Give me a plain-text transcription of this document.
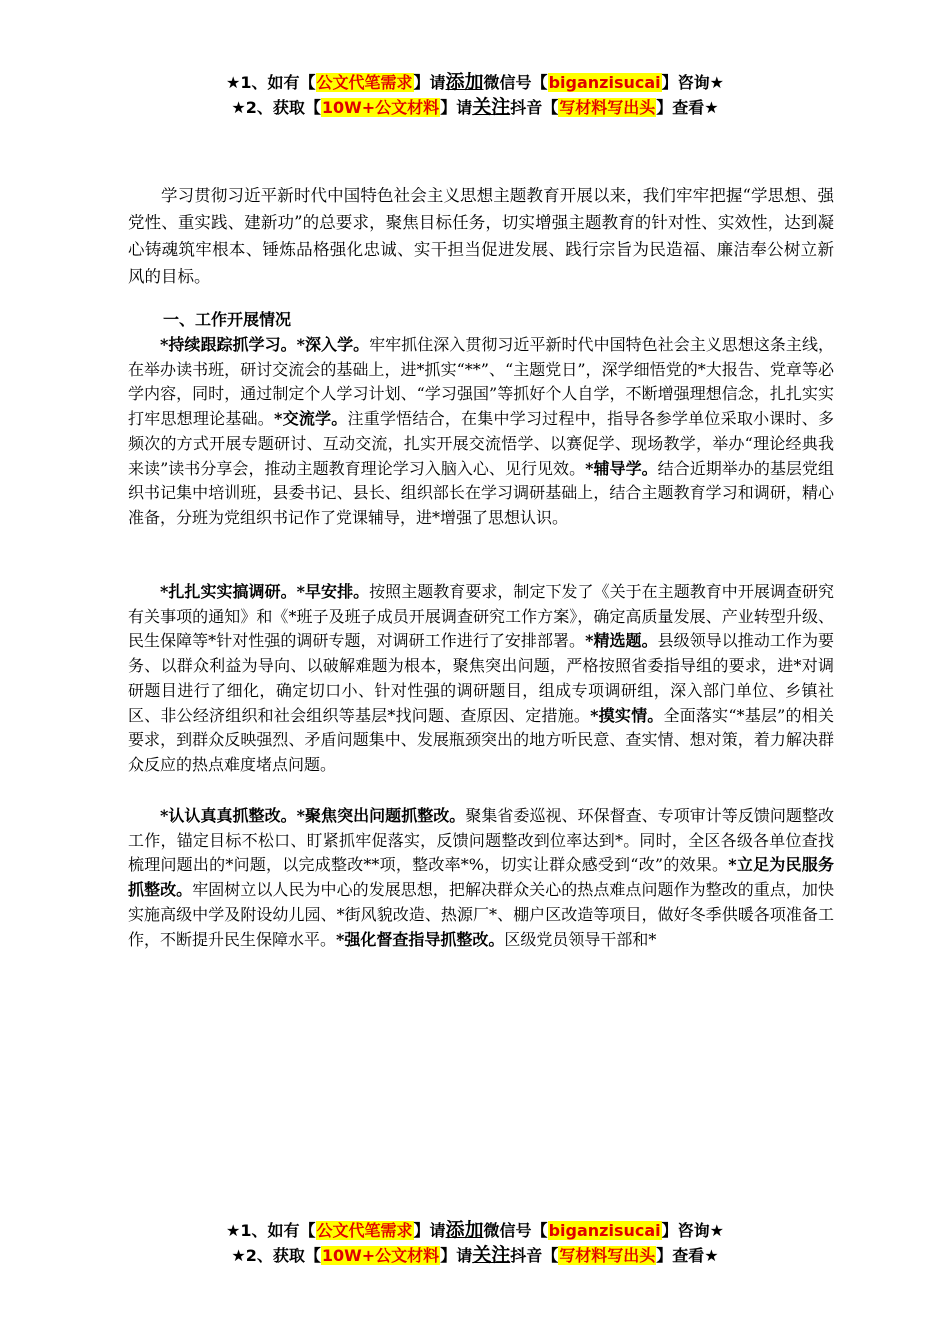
★1、如有【公文代笔需求】请添加微信号【biganzisucai】咨询★
★2、获取【10W+公文材料】请关注抖音【写材料写出头】查看★

学习贯彻习近平新时代中国特色社会主义思想主题教育开展以来，我们牢牢把握“学思想、强党性、重实践、建新功”的总要求，聚焦目标任务，切实增强主题教育的针对性、实效性，达到凝心铸魂筑牢根本、锤炼品格强化忠诚、实干担当促进发展、践行宗旨为民造福、廉洁奉公树立新风的目标。

一、工作开展情况

*持续跟踪抓学习。*深入学。牢牢抓住深入贯彻习近平新时代中国特色社会主义思想这条主线，在举办读书班，研讨交流会的基础上，进*抓实“**”、“主题党日”，深学细悟党的*大报告、党章等必学内容，同时，通过制定个人学习计划、“学习强国”等抓好个人自学，不断增强理想信念，扎扎实实打牢思想理论基础。*交流学。注重学悟结合，在集中学习过程中，指导各参学单位采取小课时、多频次的方式开展专题研讨、互动交流，扎实开展交流悟学、以赛促学、现场教学，举办“理论经典我来读”读书分享会，推动主题教育理论学习入脑入心、见行见效。*辅导学。结合近期举办的基层党组织书记集中培训班，县委书记、县长、组织部长在学习调研基础上，结合主题教育学习和调研，精心准备，分班为党组织书记作了党课辅导，进*增强了思想认识。

*扎扎实实搞调研。*早安排。按照主题教育要求，制定下发了《关于在主题教育中开展调查研究有关事项的通知》和《*班子及班子成员开展调查研究工作方案》，确定高质量发展、产业转型升级、民生保障等*针对性强的调研专题，对调研工作进行了安排部署。*精选题。县级领导以推动工作为要务、以群众利益为导向、以破解难题为根本，聚焦突出问题，严格按照省委指导组的要求，进*对调研题目进行了细化，确定切口小、针对性强的调研题目，组成专项调研组，深入部门单位、乡镇社区、非公经济组织和社会组织等基层*找问题、查原因、定措施。*摸实情。全面落实“*基层”的相关要求，到群众反映强烈、矛盾问题集中、发展瓶颈突出的地方听民意、查实情、想对策，着力解决群众反应的热点难度堵点问题。

*认认真真抓整改。*聚焦突出问题抓整改。聚集省委巡视、环保督查、专项审计等反馈问题整改工作，锚定目标不松口、盯紧抓牢促落实，反馈问题整改到位率达到*。同时，全区各级各单位查找梳理问题出的*问题，以完成整改**项，整改率*%，切实让群众感受到“改”的效果。*立足为民服务抓整改。牢固树立以人民为中心的发展思想，把解决群众关心的热点难点问题作为整改的重点，加快实施高级中学及附设幼儿园、*街风貌改造、热源厂*、棚户区改造等项目，做好冬季供暖各项准备工作，不断提升民生保障水平。*强化督查指导抓整改。区级党员领导干部和*

★1、如有【公文代笔需求】请添加微信号【biganzisucai】咨询★
★2、获取【10W+公文材料】请关注抖音【写材料写出头】查看★
